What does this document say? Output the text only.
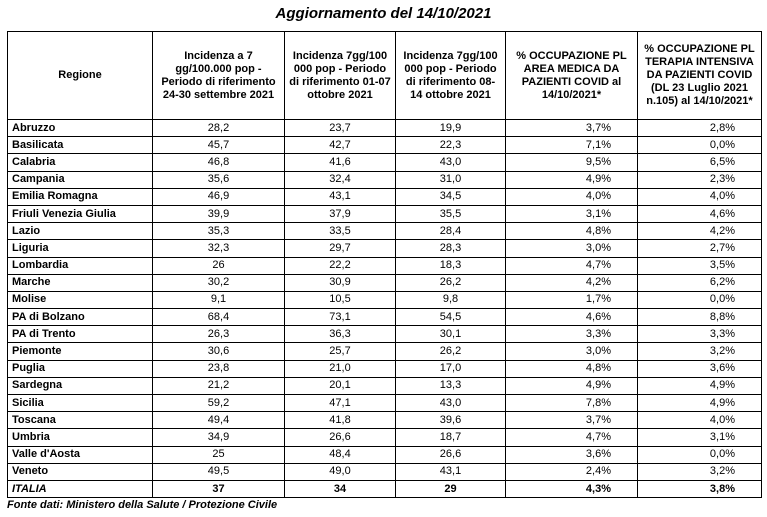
Aggiornamento del 14/10/2021
Regione	Incidenza a 7 gg/100.000 pop - Periodo di riferimento 24-30 settembre 2021	Incidenza 7gg/100 000 pop - Periodo di riferimento 01-07 ottobre 2021	Incidenza 7gg/100 000 pop - Periodo di riferimento 08-14 ottobre 2021	% OCCUPAZIONE PL AREA MEDICA DA PAZIENTI COVID al 14/10/2021*	% OCCUPAZIONE PL TERAPIA INTENSIVA DA PAZIENTI COVID (DL 23 Luglio 2021 n.105) al 14/10/2021*
Abruzzo	28,2	23,7	19,9	3,7%	2,8%
Basilicata	45,7	42,7	22,3	7,1%	0,0%
Calabria	46,8	41,6	43,0	9,5%	6,5%
Campania	35,6	32,4	31,0	4,9%	2,3%
Emilia Romagna	46,9	43,1	34,5	4,0%	4,0%
Friuli Venezia Giulia	39,9	37,9	35,5	3,1%	4,6%
Lazio	35,3	33,5	28,4	4,8%	4,2%
Liguria	32,3	29,7	28,3	3,0%	2,7%
Lombardia	26	22,2	18,3	4,7%	3,5%
Marche	30,2	30,9	26,2	4,2%	6,2%
Molise	9,1	10,5	9,8	1,7%	0,0%
PA di Bolzano	68,4	73,1	54,5	4,6%	8,8%
PA di Trento	26,3	36,3	30,1	3,3%	3,3%
Piemonte	30,6	25,7	26,2	3,0%	3,2%
Puglia	23,8	21,0	17,0	4,8%	3,6%
Sardegna	21,2	20,1	13,3	4,9%	4,9%
Sicilia	59,2	47,1	43,0	7,8%	4,9%
Toscana	49,4	41,8	39,6	3,7%	4,0%
Umbria	34,9	26,6	18,7	4,7%	3,1%
Valle d'Aosta	25	48,4	26,6	3,6%	0,0%
Veneto	49,5	49,0	43,1	2,4%	3,2%
ITALIA	37	34	29	4,3%	3,8%
Fonte dati: Ministero della Salute / Protezione Civile
